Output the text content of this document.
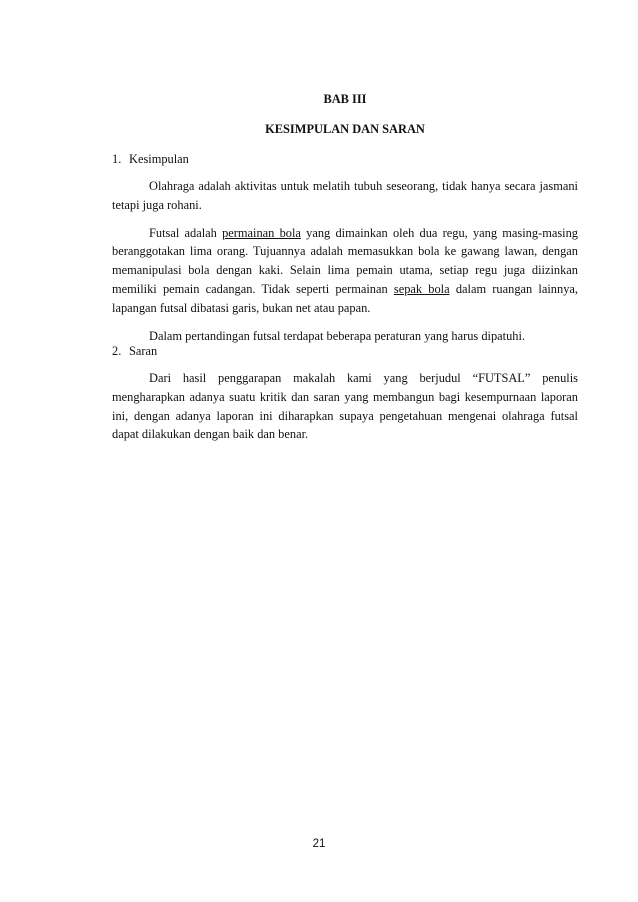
BAB III
KESIMPULAN DAN SARAN
1. Kesimpulan

Olahraga adalah aktivitas untuk melatih tubuh seseorang, tidak hanya secara jasmani tetapi juga rohani.

Futsal adalah permainan bola yang dimainkan oleh dua regu, yang masing-masing beranggotakan lima orang. Tujuannya adalah memasukkan bola ke gawang lawan, dengan memanipulasi bola dengan kaki. Selain lima pemain utama, setiap regu juga diizinkan memiliki pemain cadangan. Tidak seperti permainan sepak bola dalam ruangan lainnya, lapangan futsal dibatasi garis, bukan net atau papan.

Dalam pertandingan futsal terdapat beberapa peraturan yang harus dipatuhi.

2. Saran

Dari hasil penggarapan makalah kami yang berjudul “FUTSAL” penulis mengharapkan adanya suatu kritik dan saran yang membangun bagi kesempurnaan laporan ini, dengan adanya laporan ini diharapkan supaya pengetahuan mengenai olahraga futsal dapat dilakukan dengan baik dan benar.

21
